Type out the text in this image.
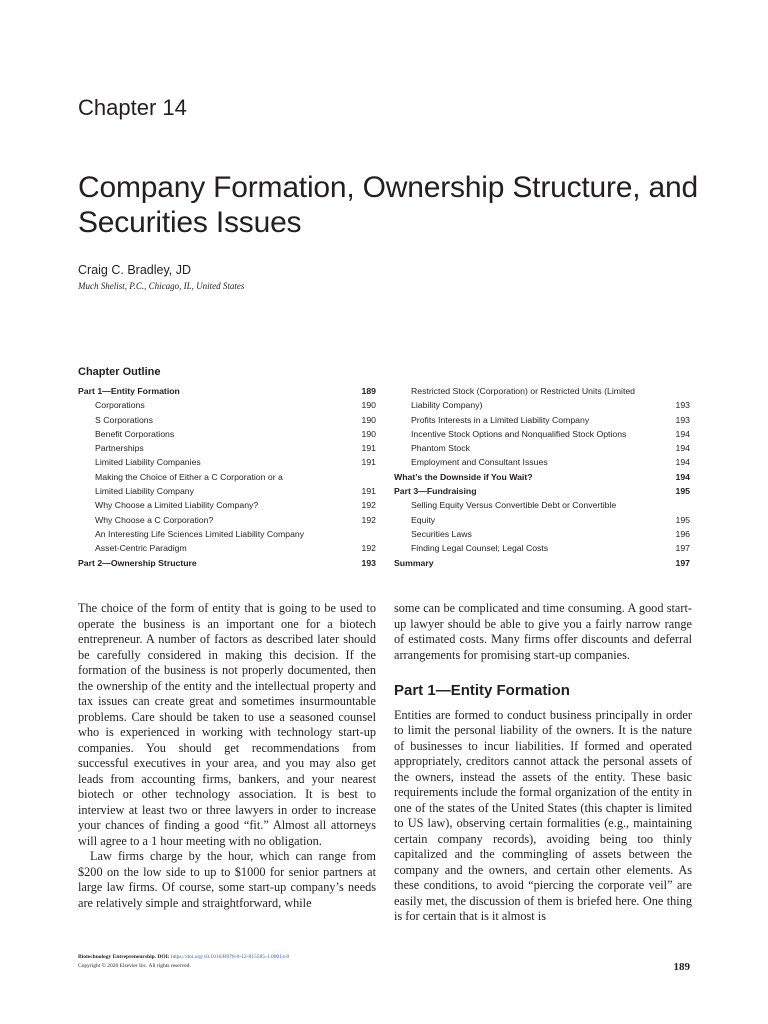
Chapter 14
Company Formation, Ownership Structure, and Securities Issues
Craig C. Bradley, JD
Much Shelist, P.C., Chicago, IL, United States
Chapter Outline
Part 1—Entity Formation	189
Corporations	190
S Corporations	190
Benefit Corporations	190
Partnerships	191
Limited Liability Companies	191
Making the Choice of Either a C Corporation or a
Limited Liability Company	191
Why Choose a Limited Liability Company?	192
Why Choose a C Corporation?	192
An Interesting Life Sciences Limited Liability Company
Asset-Centric Paradigm	192
Part 2—Ownership Structure	193
Restricted Stock (Corporation) or Restricted Units (Limited
Liability Company)	193
Profits Interests in a Limited Liability Company	193
Incentive Stock Options and Nonqualified Stock Options	194
Phantom Stock	194
Employment and Consultant Issues	194
What’s the Downside if You Wait?	194
Part 3—Fundraising	195
Selling Equity Versus Convertible Debt or Convertible
Equity	195
Securities Laws	196
Finding Legal Counsel; Legal Costs	197
Summary	197

The choice of the form of entity that is going to be used to operate the business is an important one for a biotech entrepreneur. A number of factors as described later should be carefully considered in making this decision. If the formation of the business is not properly documented, then the ownership of the entity and the intellectual property and tax issues can create great and sometimes insurmountable problems. Care should be taken to use a seasoned counsel who is experienced in working with technology start-up companies. You should get recommendations from successful executives in your area, and you may also get leads from accounting firms, bankers, and your nearest biotech or other technology association. It is best to interview at least two or three lawyers in order to increase your chances of finding a good “fit.” Almost all attorneys will agree to a 1 hour meeting with no obligation.

Law firms charge by the hour, which can range from $200 on the low side to up to $1000 for senior partners at large law firms. Of course, some start-up company’s needs are relatively simple and straightforward, while

some can be complicated and time consuming. A good start-up lawyer should be able to give you a fairly narrow range of estimated costs. Many firms offer discounts and deferral arrangements for promising start-up companies.

Part 1—Entity Formation

Entities are formed to conduct business principally in order to limit the personal liability of the owners. It is the nature of businesses to incur liabilities. If formed and operated appropriately, creditors cannot attack the personal assets of the owners, instead the assets of the entity. These basic requirements include the formal organization of the entity in one of the states of the United States (this chapter is limited to US law), observing certain formalities (e.g., maintaining certain company records), avoiding being too thinly capitalized and the commingling of assets between the company and the owners, and certain other elements. As these conditions, to avoid “piercing the corporate veil” are easily met, the discussion of them is briefed here. One thing is for certain that is it almost is

Biotechnology Entrepreneurship. DOI: https://doi.org/10.1016/B978-0-12-815585-1.00014-0
Copyright © 2020 Elsevier Inc. All rights reserved.	189
